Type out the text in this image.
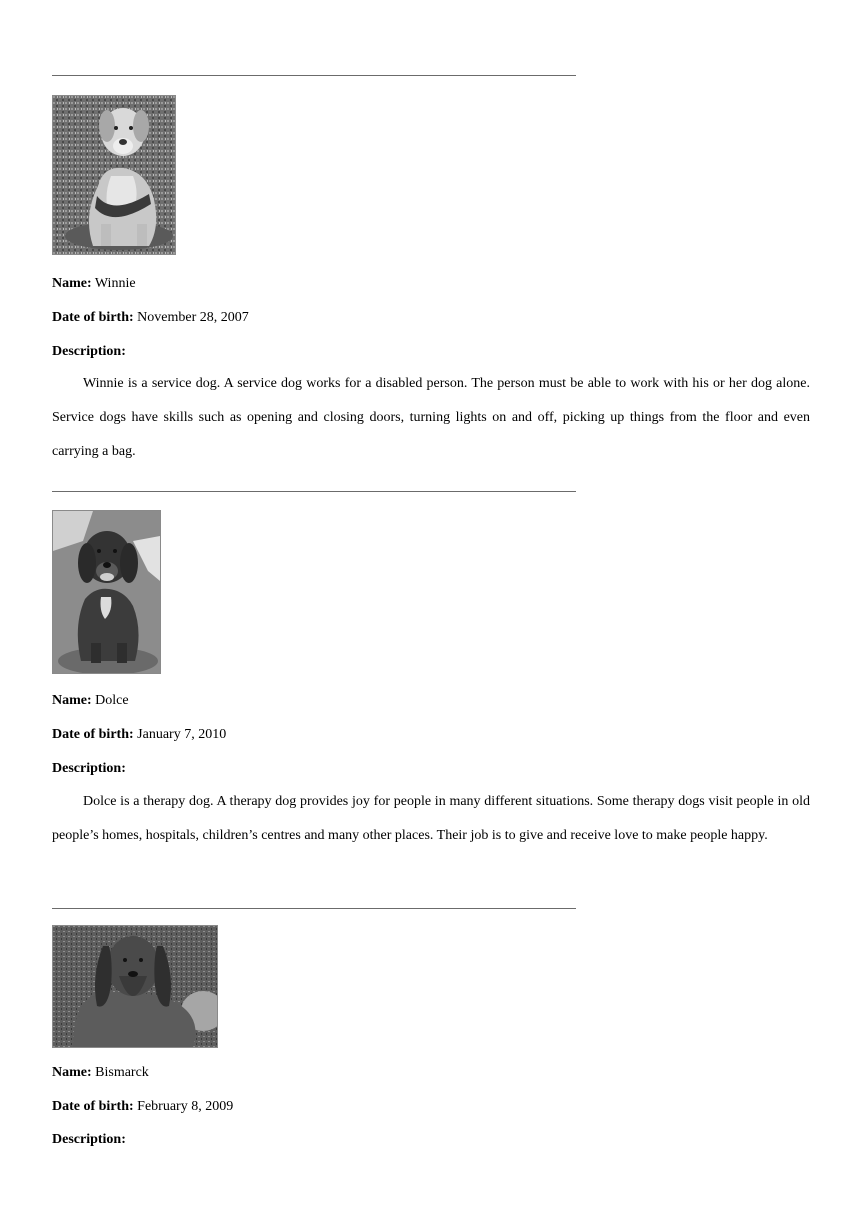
Name: Winnie
Date of birth: November 28, 2007
Description:

Winnie is a service dog. A service dog works for a disabled person. The person must be able to work with his or her dog alone. Service dogs have skills such as opening and closing doors, turning lights on and off, picking up things from the floor and even carrying a bag.

Name: Dolce
Date of birth: January 7, 2010
Description:

Dolce is a therapy dog. A therapy dog provides joy for people in many different situations. Some therapy dogs visit people in old people’s homes, hospitals, children’s centres and many other places. Their job is to give and receive love to make people happy.

Name: Bismarck
Date of birth: February 8, 2009
Description:
